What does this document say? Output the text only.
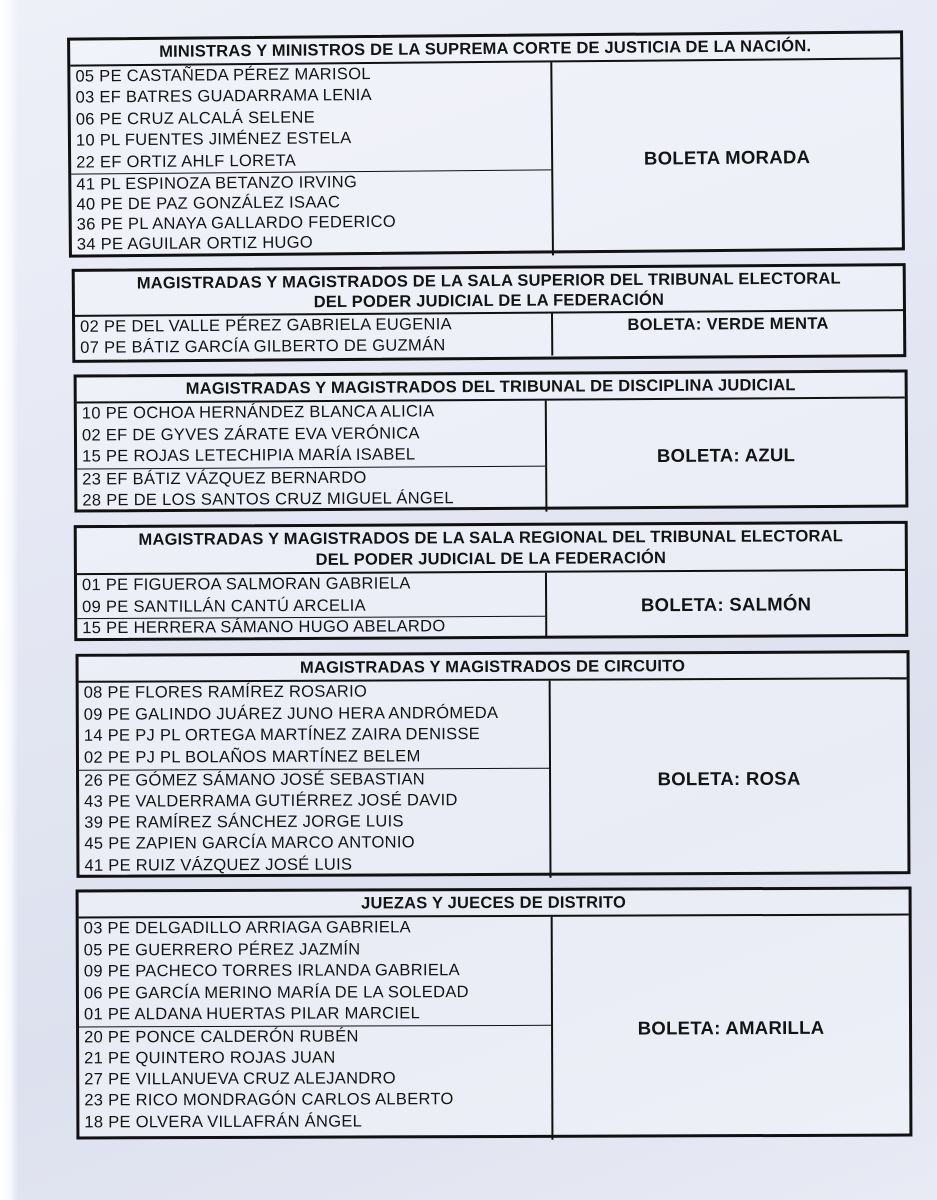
MINISTRAS Y MINISTROS DE LA SUPREMA CORTE DE JUSTICIA DE LA NACIÓN.
05 PE CASTAÑEDA PÉREZ MARISOL
03 EF BATRES GUADARRAMA LENIA
06 PE CRUZ ALCALÁ SELENE
10 PL FUENTES JIMÉNEZ ESTELA
22 EF ORTIZ AHLF LORETA
41 PL ESPINOZA BETANZO IRVING
40 PE DE PAZ GONZÁLEZ ISAAC
36 PE PL ANAYA GALLARDO FEDERICO
34 PE AGUILAR ORTIZ HUGO
BOLETA MORADA
MAGISTRADAS Y MAGISTRADOS DE LA SALA SUPERIOR DEL TRIBUNAL ELECTORAL
DEL PODER JUDICIAL DE LA FEDERACIÓN
02 PE DEL VALLE PÉREZ GABRIELA EUGENIA
07 PE BÁTIZ GARCÍA GILBERTO DE GUZMÁN
BOLETA: VERDE MENTA
MAGISTRADAS Y MAGISTRADOS DEL TRIBUNAL DE DISCIPLINA JUDICIAL
10 PE OCHOA HERNÁNDEZ BLANCA ALICIA
02 EF DE GYVES ZÁRATE EVA VERÓNICA
15 PE ROJAS LETECHIPIA MARÍA ISABEL
23 EF BÁTIZ VÁZQUEZ BERNARDO
28 PE DE LOS SANTOS CRUZ MIGUEL ÁNGEL
BOLETA: AZUL
MAGISTRADAS Y MAGISTRADOS DE LA SALA REGIONAL DEL TRIBUNAL ELECTORAL
DEL PODER JUDICIAL DE LA FEDERACIÓN
01 PE FIGUEROA SALMORAN GABRIELA
09 PE SANTILLÁN CANTÚ ARCELIA
15 PE HERRERA SÁMANO HUGO ABELARDO
BOLETA: SALMÓN
MAGISTRADAS Y MAGISTRADOS DE CIRCUITO
08 PE FLORES RAMÍREZ ROSARIO
09 PE GALINDO JUÁREZ JUNO HERA ANDRÓMEDA
14 PE PJ PL ORTEGA MARTÍNEZ ZAIRA DENISSE
02 PE PJ PL BOLAÑOS MARTÍNEZ BELEM
26 PE GÓMEZ SÁMANO JOSÉ SEBASTIAN
43 PE VALDERRAMA GUTIÉRREZ JOSÉ DAVID
39 PE RAMÍREZ SÁNCHEZ JORGE LUIS
45 PE ZAPIEN GARCÍA MARCO ANTONIO
41 PE RUIZ VÁZQUEZ JOSÉ LUIS
BOLETA: ROSA
JUEZAS Y JUECES DE DISTRITO
03 PE DELGADILLO ARRIAGA GABRIELA
05 PE GUERRERO PÉREZ JAZMÍN
09 PE PACHECO TORRES IRLANDA GABRIELA
06 PE GARCÍA MERINO MARÍA DE LA SOLEDAD
01 PE ALDANA HUERTAS PILAR MARCIEL
20 PE PONCE CALDERÓN RUBÉN
21 PE QUINTERO ROJAS JUAN
27 PE VILLANUEVA CRUZ ALEJANDRO
23 PE RICO MONDRAGÓN CARLOS ALBERTO
18 PE OLVERA VILLAFRÁN ÁNGEL
BOLETA: AMARILLA
